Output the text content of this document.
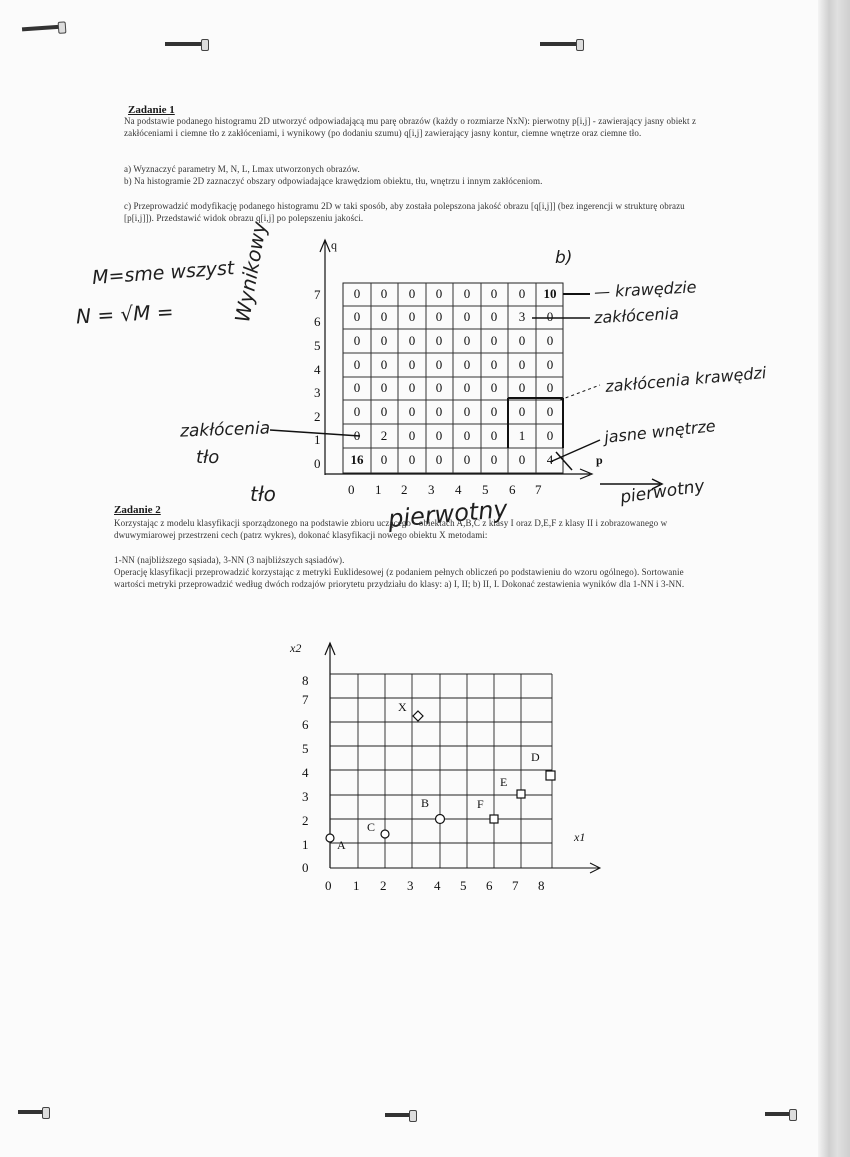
Zadanie 1
Na podstawie podanego histogramu 2D utworzyć odpowiadającą mu parę obrazów (każdy o rozmiarze NxN): pierwotny p[i,j] - zawierający jasny obiekt z zakłóceniami i ciemne tło z zakłóceniami, i wynikowy (po dodaniu szumu) q[i,j] zawierający jasny kontur, ciemne wnętrze oraz ciemne tło.
a) Wyznaczyć parametry M, N, L, Lmax utworzonych obrazów.
b) Na histogramie 2D zaznaczyć obszary odpowiadające krawędziom obiektu, tłu, wnętrzu i innym zakłóceniom.
c) Przeprowadzić modyfikację podanego histogramu 2D w taki sposób, aby została polepszona jakość obrazu [q[i,j]] (bez ingerencji w strukturę obrazu [p[i,j]]). Przedstawić widok obrazu q[i,j] po polepszeniu jakości.
q
p
7
6
5
4
3
2
1
0
0 1 2 3 4 5 6 7
0	0	0	0	0	0	0	10
0	0	0	0	0	0	3	0
0	0	0	0	0	0	0	0
0	0	0	0	0	0	0	0
0	0	0	0	0	0	0	0
0	0	0	0	0	0	0	0
0	2	0	0	0	0	1	0
16	0	0	0	0	0	0	4
M=sme wszyst
N = √M =
b)
Wynikowy	— krawędzie
zakłócenia
zakłócenia krawędzi
jasne wnętrze
zakłócenia
tło
tło	pierwotny
pierwotny
Zadanie 2
Korzystając z modelu klasyfikacji sporządzonego na podstawie zbioru uczącego - obiektach A,B,C z klasy I oraz D,E,F z klasy II i zobrazowanego w dwuwymiarowej przestrzeni cech (patrz wykres), dokonać klasyfikacji nowego obiektu X metodami:
1-NN (najbliższego sąsiada), 3-NN (3 najbliższych sąsiadów).
Operację klasyfikacji przeprowadzić korzystając z metryki Euklidesowej (z podaniem pełnych obliczeń po podstawieniu do wzoru ogólnego). Sortowanie wartości metryki przeprowadzić według dwóch rodzajów priorytetu przydziału do klasy: a) I, II; b) II, I. Dokonać zestawienia wyników dla 1-NN i 3-NN.
x2
x1
8
7
6
5
4
3
2
1
0
0 1 2 3 4 5 6 7 8
A
B
C
D
E
F
X
